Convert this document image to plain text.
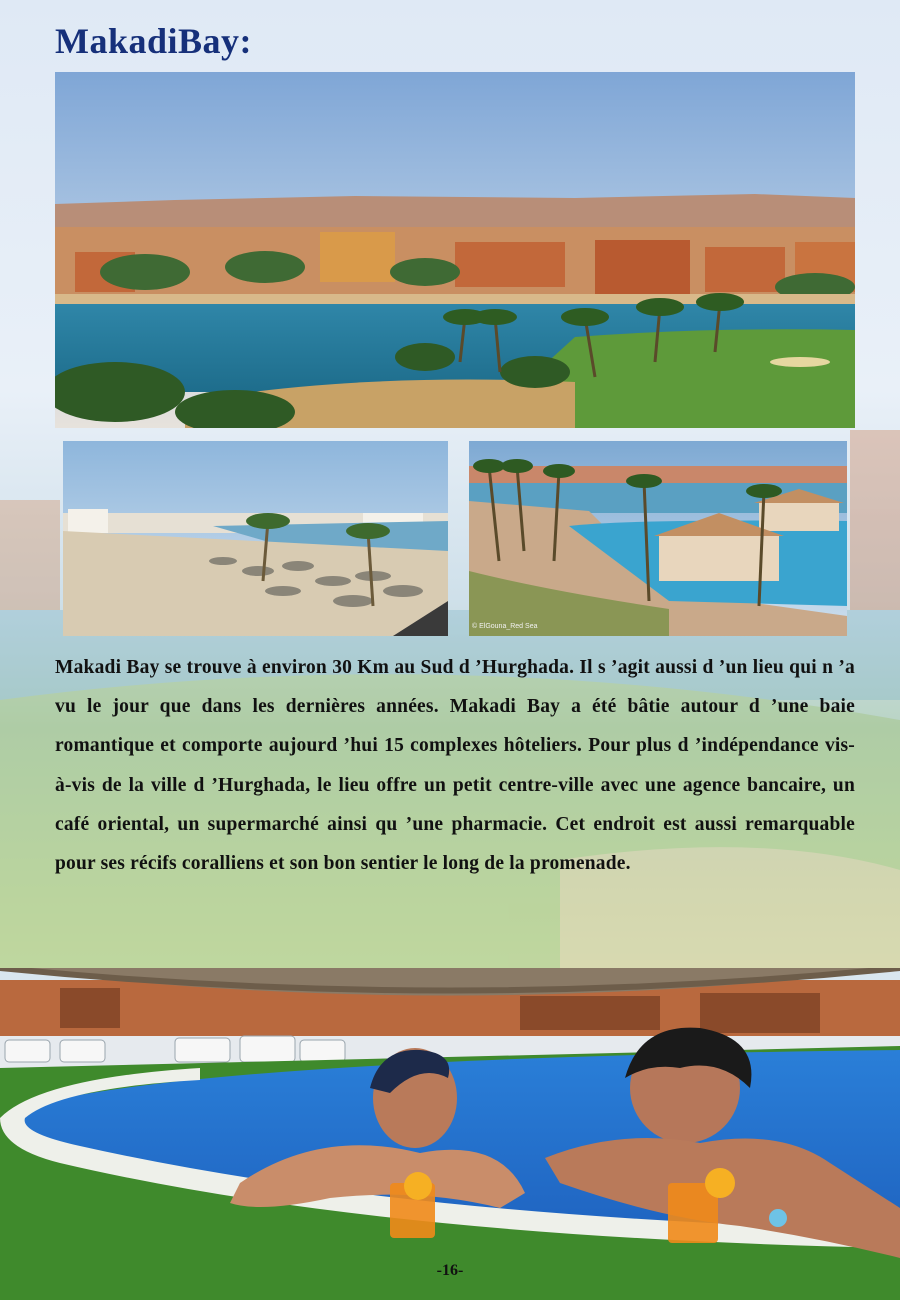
MakadiBay:
© ElGouna_Red Sea

Makadi Bay se trouve à environ 30 Km au Sud d ’Hurghada. Il s ’agit aussi d ’un lieu qui n ’a vu le jour que dans les dernières années. Makadi Bay a été bâtie autour d ’une baie romantique et comporte aujourd ’hui 15 complexes hôteliers. Pour plus d ’indépendance vis-à-vis de la ville d ’Hurghada, le lieu offre un petit centre-ville avec une agence bancaire, un café oriental, un supermarché ainsi qu ’une pharmacie. Cet endroit est aussi remarquable pour ses récifs coralliens et son bon sentier le long de la promenade.

-16-
